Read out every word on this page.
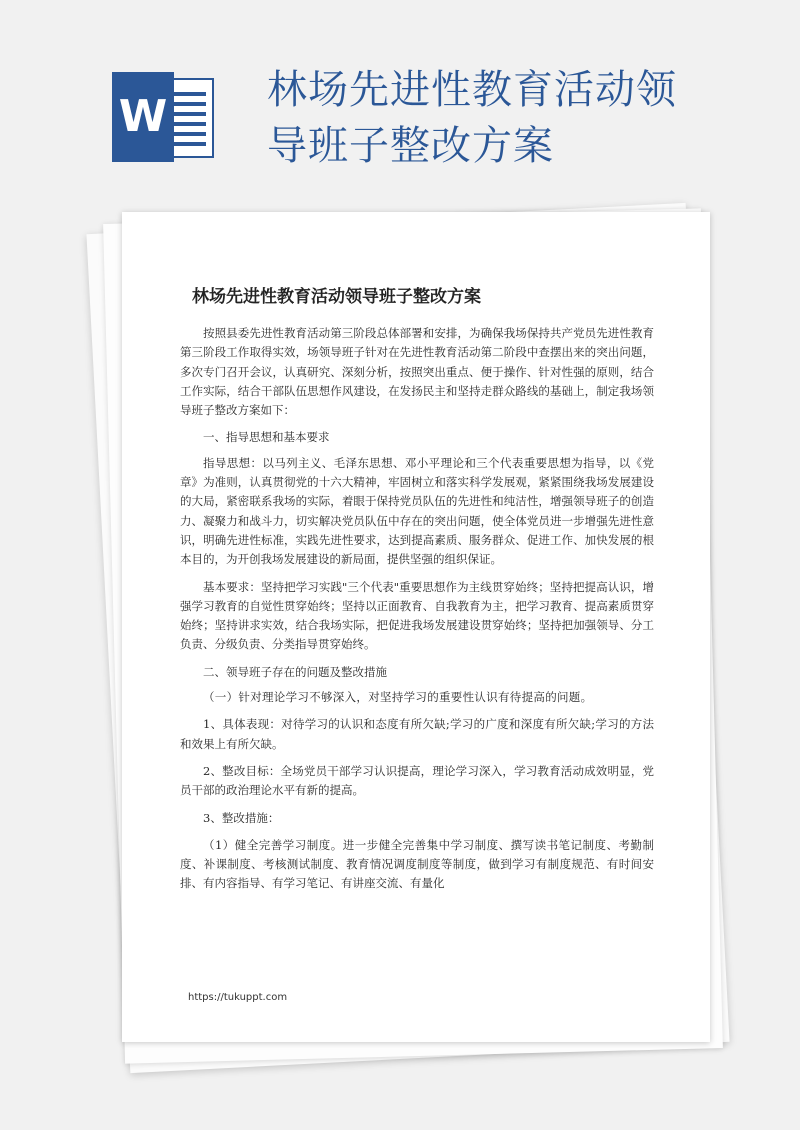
W
林场先进性教育活动领导班子整改方案
林场先进性教育活动领导班子整改方案

按照县委先进性教育活动第三阶段总体部署和安排，为确保我场保持共产党员先进性教育第三阶段工作取得实效，场领导班子针对在先进性教育活动第二阶段中查摆出来的突出问题，多次专门召开会议，认真研究、深刻分析，按照突出重点、便于操作、针对性强的原则，结合工作实际，结合干部队伍思想作风建设，在发扬民主和坚持走群众路线的基础上，制定我场领导班子整改方案如下：

一、指导思想和基本要求

指导思想：以马列主义、毛泽东思想、邓小平理论和三个代表重要思想为指导，以《党章》为准则，认真贯彻党的十六大精神，牢固树立和落实科学发展观，紧紧围绕我场发展建设的大局，紧密联系我场的实际，着眼于保持党员队伍的先进性和纯洁性，增强领导班子的创造力、凝聚力和战斗力，切实解决党员队伍中存在的突出问题，使全体党员进一步增强先进性意识，明确先进性标准，实践先进性要求，达到提高素质、服务群众、促进工作、加快发展的根本目的，为开创我场发展建设的新局面，提供坚强的组织保证。

基本要求：坚持把学习实践"三个代表"重要思想作为主线贯穿始终；坚持把提高认识，增强学习教育的自觉性贯穿始终；坚持以正面教育、自我教育为主，把学习教育、提高素质贯穿始终；坚持讲求实效，结合我场实际，把促进我场发展建设贯穿始终；坚持把加强领导、分工负责、分级负责、分类指导贯穿始终。

二、领导班子存在的问题及整改措施

（一）针对理论学习不够深入，对坚持学习的重要性认识有待提高的问题。

1、具体表现：对待学习的认识和态度有所欠缺;学习的广度和深度有所欠缺;学习的方法和效果上有所欠缺。

2、整改目标：全场党员干部学习认识提高，理论学习深入，学习教育活动成效明显，党员干部的政治理论水平有新的提高。

3、整改措施：

（1）健全完善学习制度。进一步健全完善集中学习制度、撰写读书笔记制度、考勤制度、补课制度、考核测试制度、教育情况调度制度等制度，做到学习有制度规范、有时间安排、有内容指导、有学习笔记、有讲座交流、有量化

https://tukuppt.com
